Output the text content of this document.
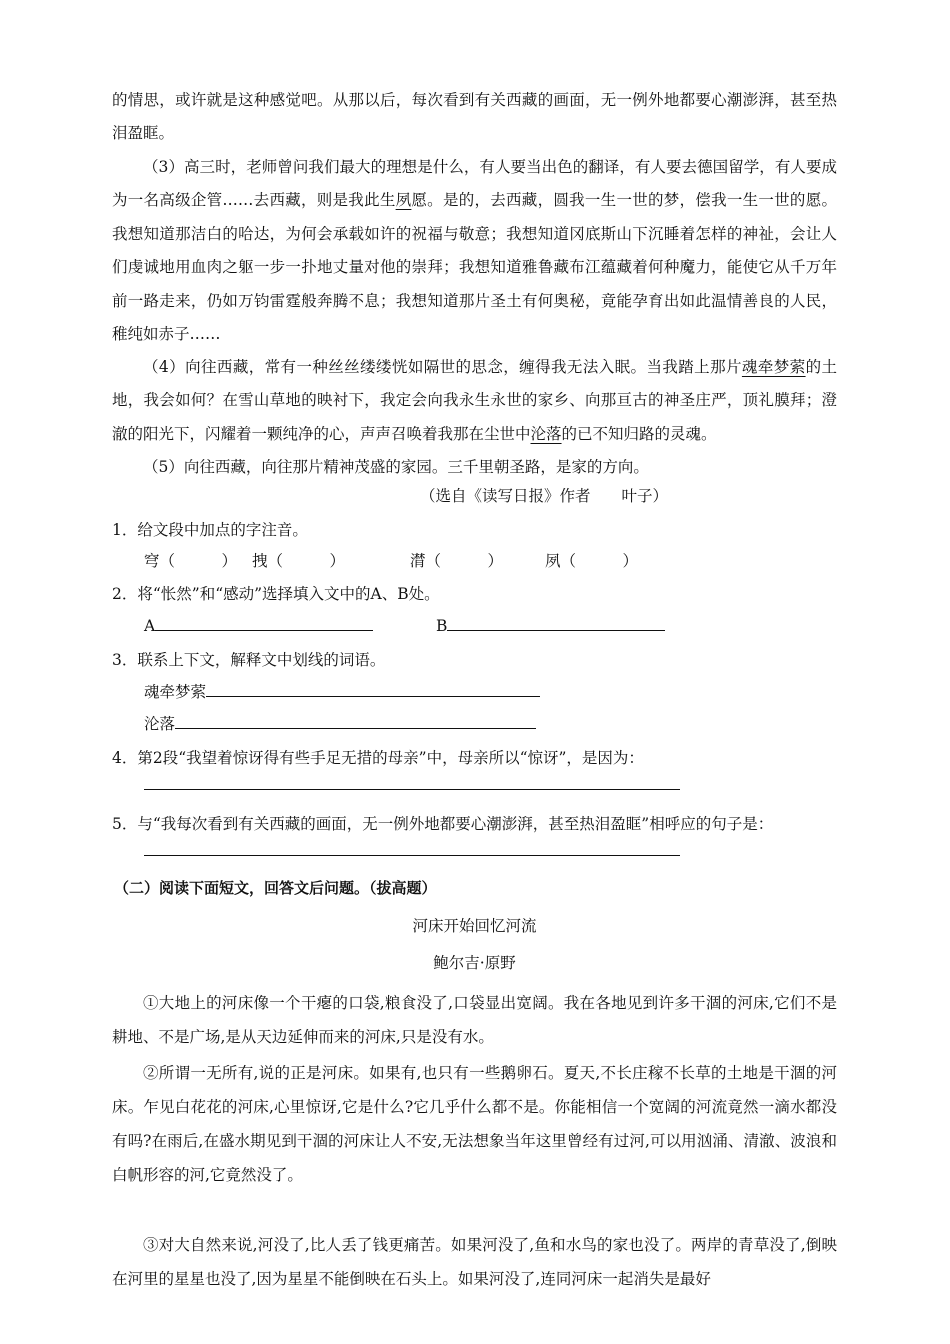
的情思，或许就是这种感觉吧。从那以后，每次看到有关西藏的画面，无一例外地都要心潮澎湃，甚至热泪盈眶。

（3）高三时，老师曾问我们最大的理想是什么，有人要当出色的翻译，有人要去德国留学，有人要成为一名高级企管……去西藏，则是我此生夙愿。是的，去西藏，圆我一生一世的梦，偿我一生一世的愿。我想知道那洁白的哈达，为何会承载如许的祝福与敬意；我想知道冈底斯山下沉睡着怎样的神祉，会让人们虔诚地用血肉之躯一步一扑地丈量对他的崇拜；我想知道雅鲁藏布江蕴藏着何种魔力，能使它从千万年前一路走来，仍如万钧雷霆般奔腾不息；我想知道那片圣土有何奥秘，竟能孕育出如此温情善良的人民，稚纯如赤子……

（4）向往西藏，常有一种丝丝缕缕恍如隔世的思念，缠得我无法入眠。当我踏上那片魂牵梦萦的土地，我会如何？在雪山草地的映衬下，我定会向我永生永世的家乡、向那亘古的神圣庄严，顶礼膜拜；澄澈的阳光下，闪耀着一颗纯净的心，声声召唤着我那在尘世中沦落的已不知归路的灵魂。

（5）向往西藏，向往那片精神茂盛的家园。三千里朝圣路，是家的方向。

（选自《读写日报》作者　　叶子）

1．给文段中加点的字注音。

穹（　　　） 拽（　　　）	潸（　　　）	夙（　　　）

2．将“怅然”和“感动”选择填入文中的A、B处。

A	B

3．联系上下文，解释文中划线的词语。

魂牵梦萦
沦落

4．第2段“我望着惊讶得有些手足无措的母亲”中，母亲所以“惊讶”，是因为：

5．与“我每次看到有关西藏的画面，无一例外地都要心潮澎湃，甚至热泪盈眶”相呼应的句子是：

（二）阅读下面短文，回答文后问题。（拔高题）

河床开始回忆河流

鲍尔吉·原野

①大地上的河床像一个干瘪的口袋,粮食没了,口袋显出宽阔。我在各地见到许多干涸的河床,它们不是耕地、不是广场,是从天边延伸而来的河床,只是没有水。

②所谓一无所有,说的正是河床。如果有,也只有一些鹅卵石。夏天,不长庄稼不长草的土地是干涸的河床。乍见白花花的河床,心里惊讶,它是什么?它几乎什么都不是。你能相信一个宽阔的河流竟然一滴水都没有吗?在雨后,在盛水期见到干涸的河床让人不安,无法想象当年这里曾经有过河,可以用汹涌、清澈、波浪和白帆形容的河,它竟然没了。

③对大自然来说,河没了,比人丢了钱更痛苦。如果河没了,鱼和水鸟的家也没了。两岸的青草没了,倒映在河里的星星也没了,因为星星不能倒映在石头上。如果河没了,连同河床一起消失是最好
